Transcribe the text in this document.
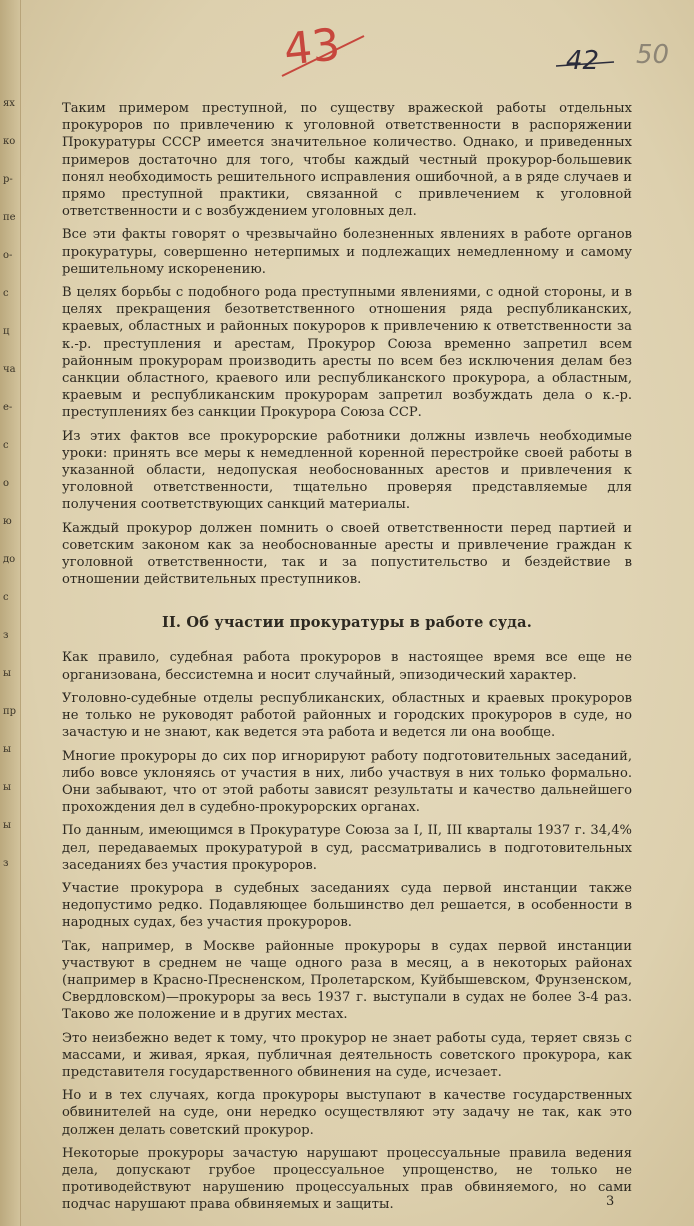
ях
ко
р-
пе
о-
с
ц
ча
е-
с
о
ю
до
с
з
ы
пр
ы
ы
ы
з
43	42 50

Таким примером преступной, по существу вражеской работы отдельных прокуроров по привлечению к уголовной ответственности в распоряжении Прокуратуры СССР имеется значительное количество. Однако, и приведенных примеров достаточно для того, чтобы каждый честный прокурор-большевик понял необходимость решительного исправления ошибочной, а в ряде случаев и прямо преступной практики, связанной с привлечением к уголовной ответственности и с возбуждением уголовных дел.

Все эти факты говорят о чрезвычайно болезненных явлениях в работе органов прокуратуры, совершенно нетерпимых и подлежащих немедленному и самому решительному искоренению.

В целях борьбы с подобного рода преступными явлениями, с одной стороны, и в целях прекращения безответственного отношения ряда республиканских, краевых, областных и районных покуроров к привлечению к ответственности за к.-р. преступления и арестам, Прокурор Союза временно запретил всем районным прокурорам производить аресты по всем без исключения делам без санкции областного, краевого или республиканского прокурора, а областным, краевым и республиканским прокурорам запретил возбуждать дела о к.-р. преступлениях без санкции Прокурора Союза ССР.

Из этих фактов все прокурорские работники должны извлечь необходимые уроки: принять все меры к немедленной коренной перестройке своей работы в указанной области, недопуская необоснованных арестов и привлечения к уголовной ответственности, тщательно проверяя представляемые для получения соответствующих санкций материалы.

Каждый прокурор должен помнить о своей ответственности перед партией и советским законом как за необоснованные аресты и привлечение граждан к уголовной ответственности, так и за попустительство и бездействие в отношении действительных преступников.

II. Об участии прокуратуры в работе суда.

Как правило, судебная работа прокуроров в настоящее время все еще не организована, бессистемна и носит случайный, эпизодический характер.

Уголовно-судебные отделы республиканских, областных и краевых прокуроров не только не руководят работой районных и городских прокуроров в суде, но зачастую и не знают, как ведется эта работа и ведется ли она вообще.

Многие прокуроры до сих пор игнорируют работу подготовительных заседаний, либо вовсе уклоняясь от участия в них, либо участвуя в них только формально. Они забывают, что от этой работы зависят результаты и качество дальнейшего прохождения дел в судебно-прокурорских органах.

По данным, имеющимся в Прокуратуре Союза за I, II, III кварталы 1937 г. 34,4% дел, передаваемых прокуратурой в суд, рассматривались в подготовительных заседаниях без участия прокуроров.

Участие прокурора в судебных заседаниях суда первой инстанции также недопустимо редко. Подавляющее большинство дел решается, в особенности в народных судах, без участия прокуроров.

Так, например, в Москве районные прокуроры в судах первой инстанции участвуют в среднем не чаще одного раза в месяц, а в некоторых районах (например в Красно-Пресненском, Пролетарском, Куйбышевском, Фрунзенском, Свердловском)—прокуроры за весь 1937 г. выступали в судах не более 3-4 раз. Таково же положение и в других местах.

Это неизбежно ведет к тому, что прокурор не знает работы суда, теряет связь с массами, и живая, яркая, публичная деятельность советского прокурора, как представителя государственного обвинения на суде, исчезает.

Но и в тех случаях, когда прокуроры выступают в качестве государственных обвинителей на суде, они нередко осуществляют эту задачу не так, как это должен делать советский прокурор.

Некоторые прокуроры зачастую нарушают процессуальные правила ведения дела, допускают грубое процессуальное упрощенство, не только не противодействуют нарушению процессуальных прав обвиняемого, но сами подчас нарушают права обвиняемых и защиты.	3
